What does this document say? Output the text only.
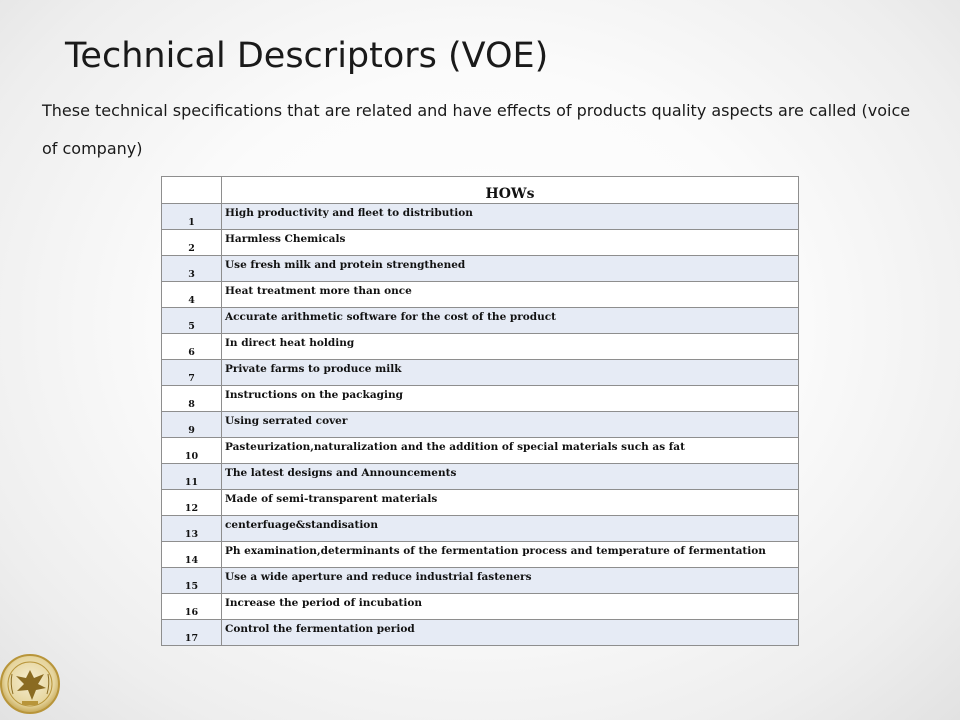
Technical Descriptors (VOE)

These technical specifications that are related and have effects of products quality aspects are called (voice of company)

	HOWs
1	High productivity and fleet to distribution
2	Harmless Chemicals
3	Use fresh milk and protein strengthened
4	Heat treatment more than once
5	Accurate arithmetic software for the cost of the product
6	In direct heat holding
7	Private farms to produce milk
8	Instructions on the packaging
9	Using serrated cover
10	Pasteurization,naturalization and the addition of special materials such as fat
11	The latest designs and Announcements
12	Made of semi-transparent materials
13	centerfuage&standisation
14	Ph examination,determinants of the fermentation process and temperature of fermentation
15	Use a wide aperture and reduce industrial fasteners
16	Increase the period of incubation
17	Control the fermentation period
